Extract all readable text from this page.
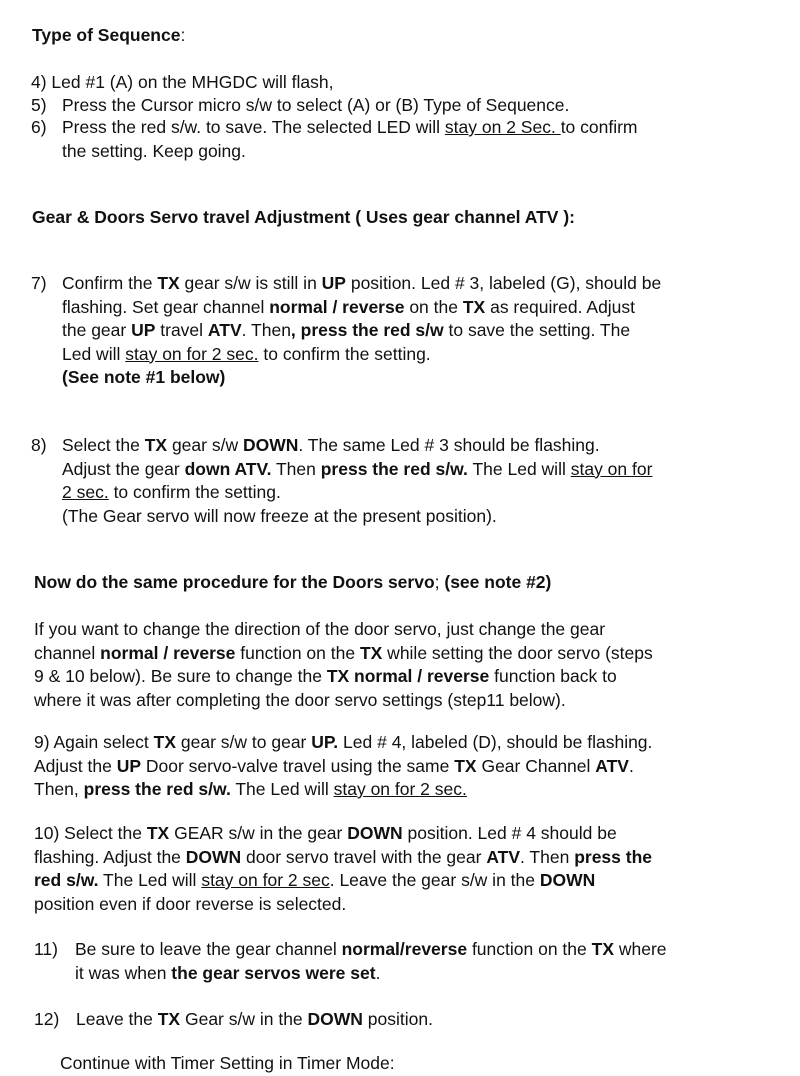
Type of Sequence:
4) Led #1 (A) on the MHGDC will flash,
5) Press the Cursor micro s/w to select (A) or (B) Type of Sequence.
6) Press the red s/w. to save. The selected LED will stay on 2 Sec. to confirm
the setting. Keep going.
Gear & Doors Servo travel Adjustment ( Uses gear channel ATV ):
7) Confirm the TX gear s/w is still in UP position. Led # 3, labeled (G), should be
flashing. Set gear channel normal / reverse on the TX as required. Adjust
the gear UP travel ATV. Then, press the red s/w to save the setting. The
Led will stay on for 2 sec. to confirm the setting.
(See note #1 below)
8) Select the TX gear s/w DOWN. The same Led # 3 should be flashing.
Adjust the gear down ATV. Then press the red s/w. The Led will stay on for
2 sec. to confirm the setting.
(The Gear servo will now freeze at the present position).
Now do the same procedure for the Doors servo; (see note #2)
If you want to change the direction of the door servo, just change the gear
channel normal / reverse function on the TX while setting the door servo (steps
9 & 10 below). Be sure to change the TX normal / reverse function back to
where it was after completing the door servo settings (step11 below).
9) Again select TX gear s/w to gear UP. Led # 4, labeled (D), should be flashing.
Adjust the UP Door servo-valve travel using the same TX Gear Channel ATV.
Then, press the red s/w. The Led will stay on for 2 sec.
10) Select the TX GEAR s/w in the gear DOWN position. Led # 4 should be
flashing. Adjust the DOWN door servo travel with the gear ATV. Then press the
red s/w. The Led will stay on for 2 sec. Leave the gear s/w in the DOWN
position even if door reverse is selected.
11) Be sure to leave the gear channel normal/reverse function on the TX where
it was when the gear servos were set.
12) Leave the TX Gear s/w in the DOWN position.
Continue with Timer Setting in Timer Mode:
